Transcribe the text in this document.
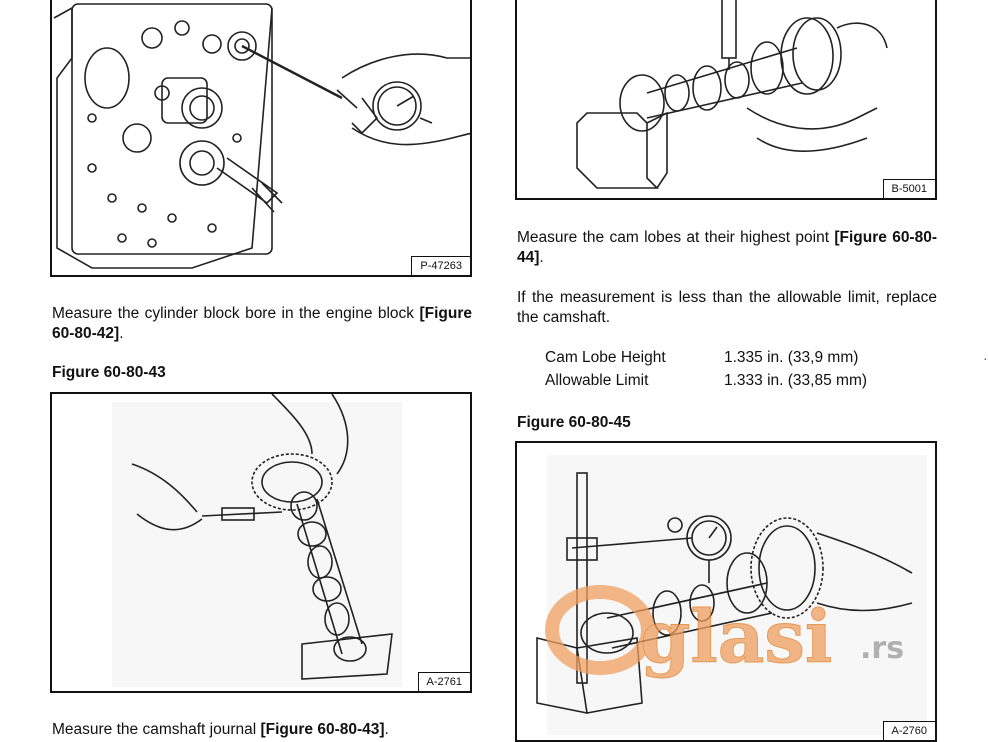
P-47263
B-5001
Measure the cam lobes at their highest point [Figure 60-80-44].
If the measurement is less than the allowable limit, replace the camshaft.
Cam Lobe Height	1.335 in. (33,9 mm)
Allowable Limit	1.333 in. (33,85 mm)
Figure 60-80-45
Measure the cylinder block bore in the engine block [Figure 60-80-42].
Figure 60-80-43
A-2761
Measure the camshaft journal [Figure 60-80-43].	A-2760
glasi .rs
·
